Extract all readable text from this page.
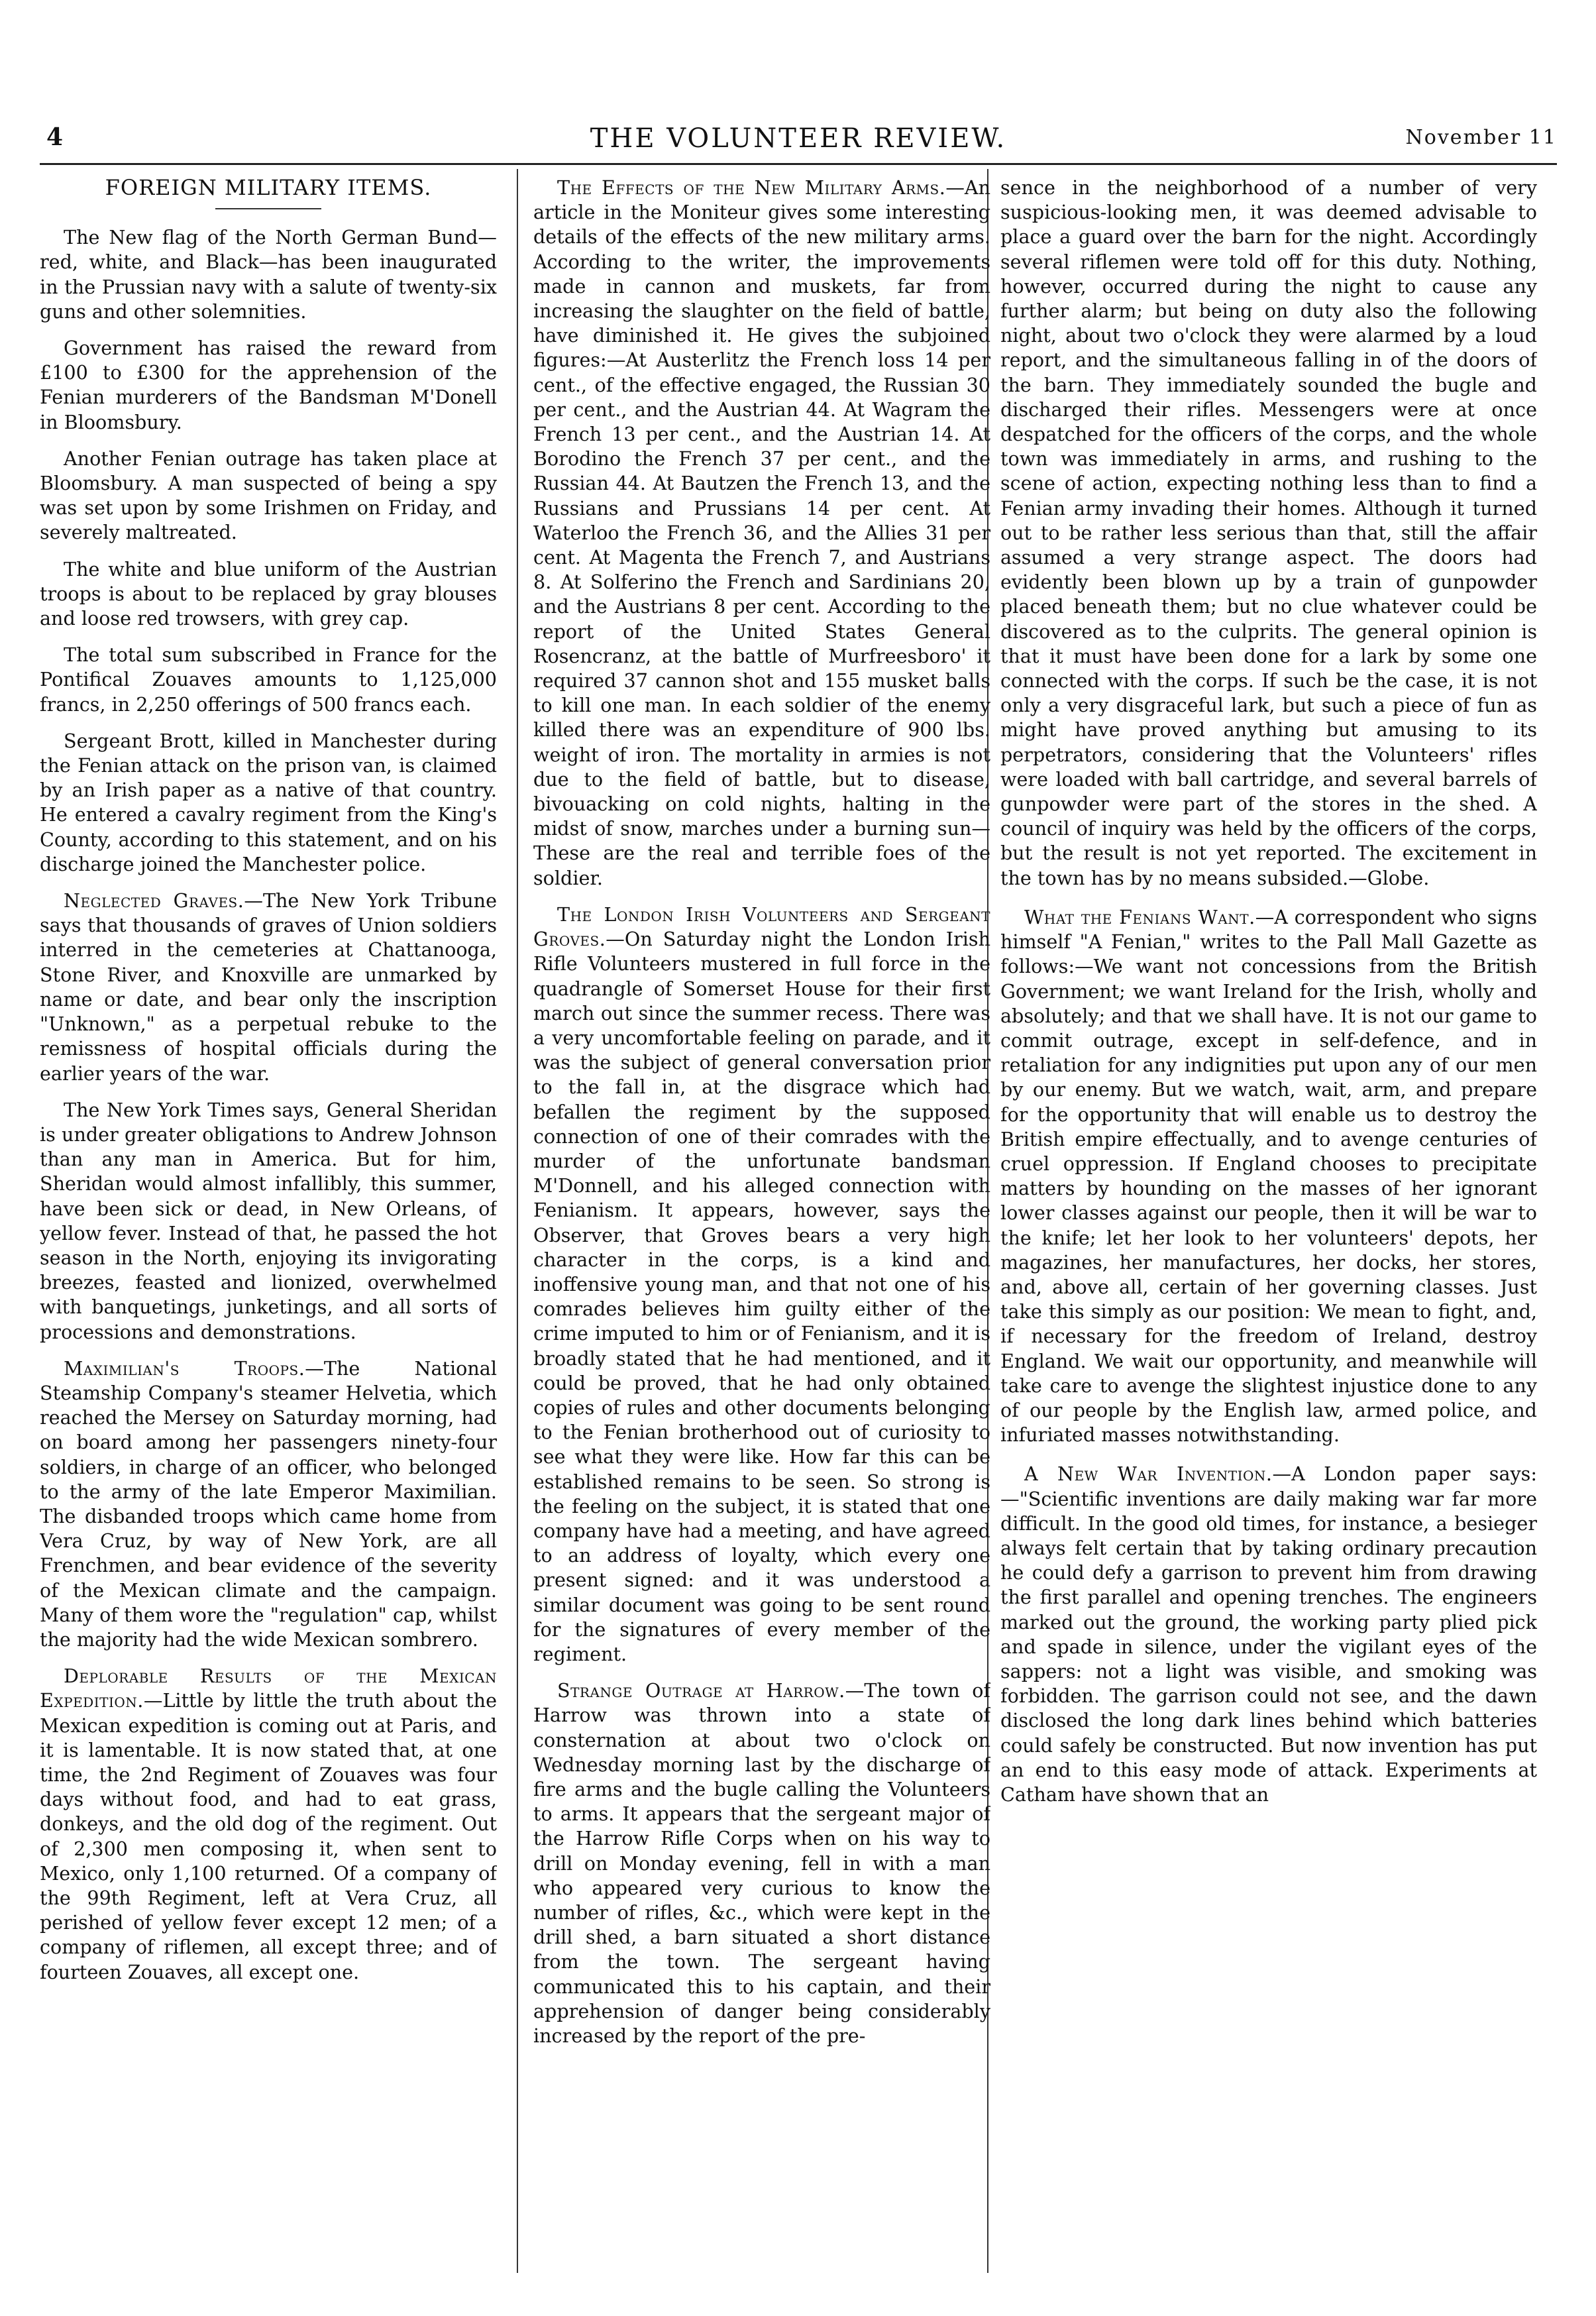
4	THE VOLUNTEER REVIEW.	November 11
FOREIGN MILITARY ITEMS.

The New flag of the North German Bund—red, white, and Black—has been inaugurated in the Prussian navy with a salute of twenty-six guns and other solemnities.

Government has raised the reward from £100 to £300 for the apprehension of the Fenian murderers of the Bandsman M'Donell in Bloomsbury.

Another Fenian outrage has taken place at Bloomsbury. A man suspected of being a spy was set upon by some Irishmen on Friday, and severely maltreated.

The white and blue uniform of the Austrian troops is about to be replaced by gray blouses and loose red trowsers, with grey cap.

The total sum subscribed in France for the Pontifical Zouaves amounts to 1,125,000 francs, in 2,250 offerings of 500 francs each.

Sergeant Brott, killed in Manchester during the Fenian attack on the prison van, is claimed by an Irish paper as a native of that country. He entered a cavalry regiment from the King's County, according to this statement, and on his discharge joined the Manchester police.

Neglected Graves.—The New York Tribune says that thousands of graves of Union soldiers interred in the cemeteries at Chattanooga, Stone River, and Knoxville are unmarked by name or date, and bear only the inscription "Unknown," as a perpetual rebuke to the remissness of hospital officials during the earlier years of the war.

The New York Times says, General Sheridan is under greater obligations to Andrew Johnson than any man in America. But for him, Sheridan would almost infallibly, this summer, have been sick or dead, in New Orleans, of yellow fever. Instead of that, he passed the hot season in the North, enjoying its invigorating breezes, feasted and lionized, overwhelmed with banquetings, junketings, and all sorts of processions and demonstrations.

Maximilian's Troops.—The National Steamship Company's steamer Helvetia, which reached the Mersey on Saturday morning, had on board among her passengers ninety-four soldiers, in charge of an officer, who belonged to the army of the late Emperor Maximilian. The disbanded troops which came home from Vera Cruz, by way of New York, are all Frenchmen, and bear evidence of the severity of the Mexican climate and the campaign. Many of them wore the "regulation" cap, whilst the majority had the wide Mexican sombrero.

Deplorable Results of the Mexican Expedition.—Little by little the truth about the Mexican expedition is coming out at Paris, and it is lamentable. It is now stated that, at one time, the 2nd Regiment of Zouaves was four days without food, and had to eat grass, donkeys, and the old dog of the regiment. Out of 2,300 men composing it, when sent to Mexico, only 1,100 returned. Of a company of the 99th Regiment, left at Vera Cruz, all perished of yellow fever except 12 men; of a company of riflemen, all except three; and of fourteen Zouaves, all except one.

The Effects of the New Military Arms.—An article in the Moniteur gives some interesting details of the effects of the new military arms. According to the writer, the improvements made in cannon and muskets, far from increasing the slaughter on the field of battle, have diminished it. He gives the subjoined figures:—At Austerlitz the French loss 14 per cent., of the effective engaged, the Russian 30 per cent., and the Austrian 44. At Wagram the French 13 per cent., and the Austrian 14. At Borodino the French 37 per cent., and the Russian 44. At Bautzen the French 13, and the Russians and Prussians 14 per cent. At Waterloo the French 36, and the Allies 31 per cent. At Magenta the French 7, and Austrians 8. At Solferino the French and Sardinians 20, and the Austrians 8 per cent. According to the report of the United States General Rosencranz, at the battle of Murfreesboro' it required 37 cannon shot and 155 musket balls to kill one man. In each soldier of the enemy killed there was an expenditure of 900 lbs. weight of iron. The mortality in armies is not due to the field of battle, but to disease, bivouacking on cold nights, halting in the midst of snow, marches under a burning sun—These are the real and terrible foes of the soldier.

The London Irish Volunteers and Sergeant Groves.—On Saturday night the London Irish Rifle Volunteers mustered in full force in the quadrangle of Somerset House for their first march out since the summer recess. There was a very uncomfortable feeling on parade, and it was the subject of general conversation prior to the fall in, at the disgrace which had befallen the regiment by the supposed connection of one of their comrades with the murder of the unfortunate bandsman M'Donnell, and his alleged connection with Fenianism. It appears, however, says the Observer, that Groves bears a very high character in the corps, is a kind and inoffensive young man, and that not one of his comrades believes him guilty either of the crime imputed to him or of Fenianism, and it is broadly stated that he had mentioned, and it could be proved, that he had only obtained copies of rules and other documents belonging to the Fenian brotherhood out of curiosity to see what they were like. How far this can be established remains to be seen. So strong is the feeling on the subject, it is stated that one company have had a meeting, and have agreed to an address of loyalty, which every one present signed: and it was understood a similar document was going to be sent round for the signatures of every member of the regiment.

Strange Outrage at Harrow.—The town of Harrow was thrown into a state of consternation at about two o'clock on Wednesday morning last by the discharge of fire arms and the bugle calling the Volunteers to arms. It appears that the sergeant major of the Harrow Rifle Corps when on his way to drill on Monday evening, fell in with a man who appeared very curious to know the number of rifles, &c., which were kept in the drill shed, a barn situated a short distance from the town. The sergeant having communicated this to his captain, and their apprehension of danger being considerably increased by the report of the pre-

sence in the neighborhood of a number of very suspicious-looking men, it was deemed advisable to place a guard over the barn for the night. Accordingly several riflemen were told off for this duty. Nothing, however, occurred during the night to cause any further alarm; but being on duty also the following night, about two o'clock they were alarmed by a loud report, and the simultaneous falling in of the doors of the barn. They immediately sounded the bugle and discharged their rifles. Messengers were at once despatched for the officers of the corps, and the whole town was immediately in arms, and rushing to the scene of action, expecting nothing less than to find a Fenian army invading their homes. Although it turned out to be rather less serious than that, still the affair assumed a very strange aspect. The doors had evidently been blown up by a train of gunpowder placed beneath them; but no clue whatever could be discovered as to the culprits. The general opinion is that it must have been done for a lark by some one connected with the corps. If such be the case, it is not only a very disgraceful lark, but such a piece of fun as might have proved anything but amusing to its perpetrators, considering that the Volunteers' rifles were loaded with ball cartridge, and several barrels of gunpowder were part of the stores in the shed. A council of inquiry was held by the officers of the corps, but the result is not yet reported. The excitement in the town has by no means subsided.—Globe.

What the Fenians Want.—A correspondent who signs himself "A Fenian," writes to the Pall Mall Gazette as follows:—We want not concessions from the British Government; we want Ireland for the Irish, wholly and absolutely; and that we shall have. It is not our game to commit outrage, except in self-defence, and in retaliation for any indignities put upon any of our men by our enemy. But we watch, wait, arm, and prepare for the opportunity that will enable us to destroy the British empire effectually, and to avenge centuries of cruel oppression. If England chooses to precipitate matters by hounding on the masses of her ignorant lower classes against our people, then it will be war to the knife; let her look to her volunteers' depots, her magazines, her manufactures, her docks, her stores, and, above all, certain of her governing classes. Just take this simply as our position: We mean to fight, and, if necessary for the freedom of Ireland, destroy England. We wait our opportunity, and meanwhile will take care to avenge the slightest injustice done to any of our people by the English law, armed police, and infuriated masses notwithstanding.

A New War Invention.—A London paper says:—"Scientific inventions are daily making war far more difficult. In the good old times, for instance, a besieger always felt certain that by taking ordinary precaution he could defy a garrison to prevent him from drawing the first parallel and opening trenches. The engineers marked out the ground, the working party plied pick and spade in silence, under the vigilant eyes of the sappers: not a light was visible, and smoking was forbidden. The garrison could not see, and the dawn disclosed the long dark lines behind which batteries could safely be constructed. But now invention has put an end to this easy mode of attack. Experiments at Catham have shown that an
